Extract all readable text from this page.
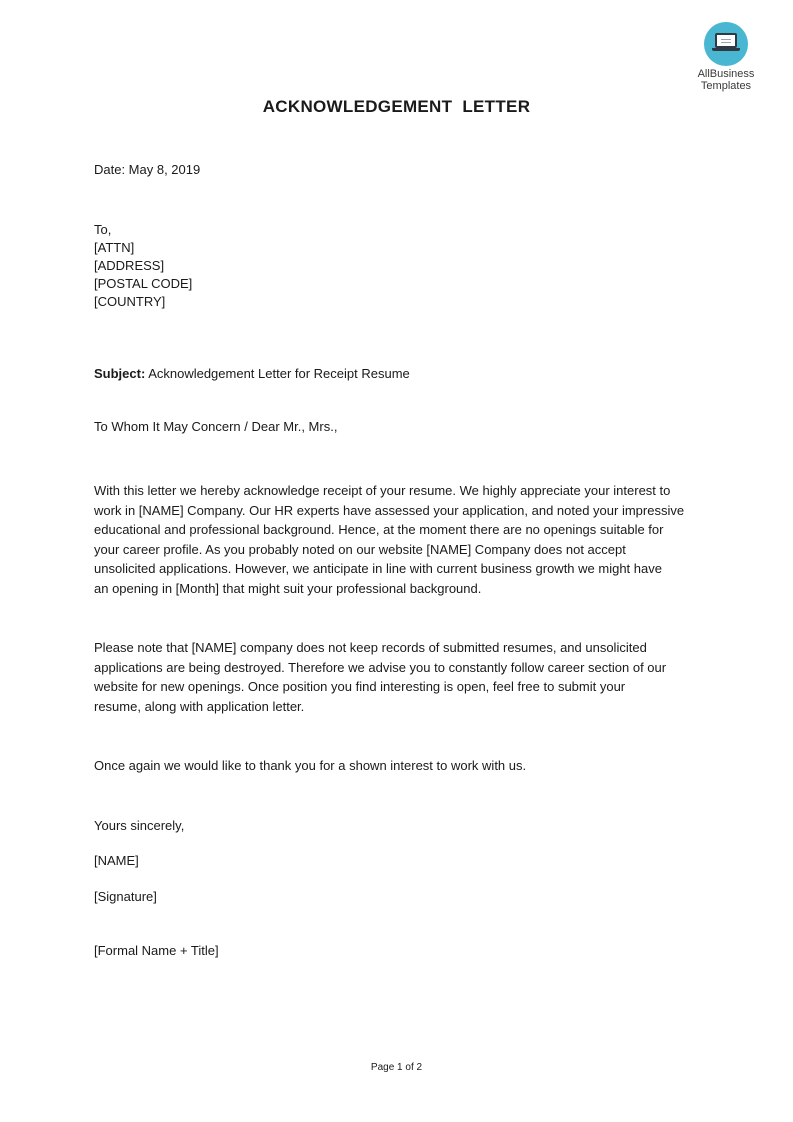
AllBusiness
Templates
ACKNOWLEDGEMENT  LETTER
Date: May 8, 2019
To,
[ATTN]
[ADDRESS]
[POSTAL CODE]
[COUNTRY]
Subject: Acknowledgement Letter for Receipt Resume
To Whom It May Concern / Dear Mr., Mrs.,

With this letter we hereby acknowledge receipt of your resume. We highly appreciate your interest to

work in [NAME] Company. Our HR experts have assessed your application, and noted your impressive

educational and professional background. Hence, at the moment there are no openings suitable for

your career profile. As you probably noted on our website [NAME] Company does not accept

unsolicited applications. However, we anticipate in line with current business growth we might have

an opening in [Month] that might suit your professional background.

Please note that [NAME] company does not keep records of submitted resumes, and unsolicited

applications are being destroyed. Therefore we advise you to constantly follow career section of our

website for new openings. Once position you find interesting is open, feel free to submit your

resume, along with application letter.

Once again we would like to thank you for a shown interest to work with us.
Yours sincerely,
[NAME]
[Signature]
[Formal Name + Title]
Page 1 of 2
